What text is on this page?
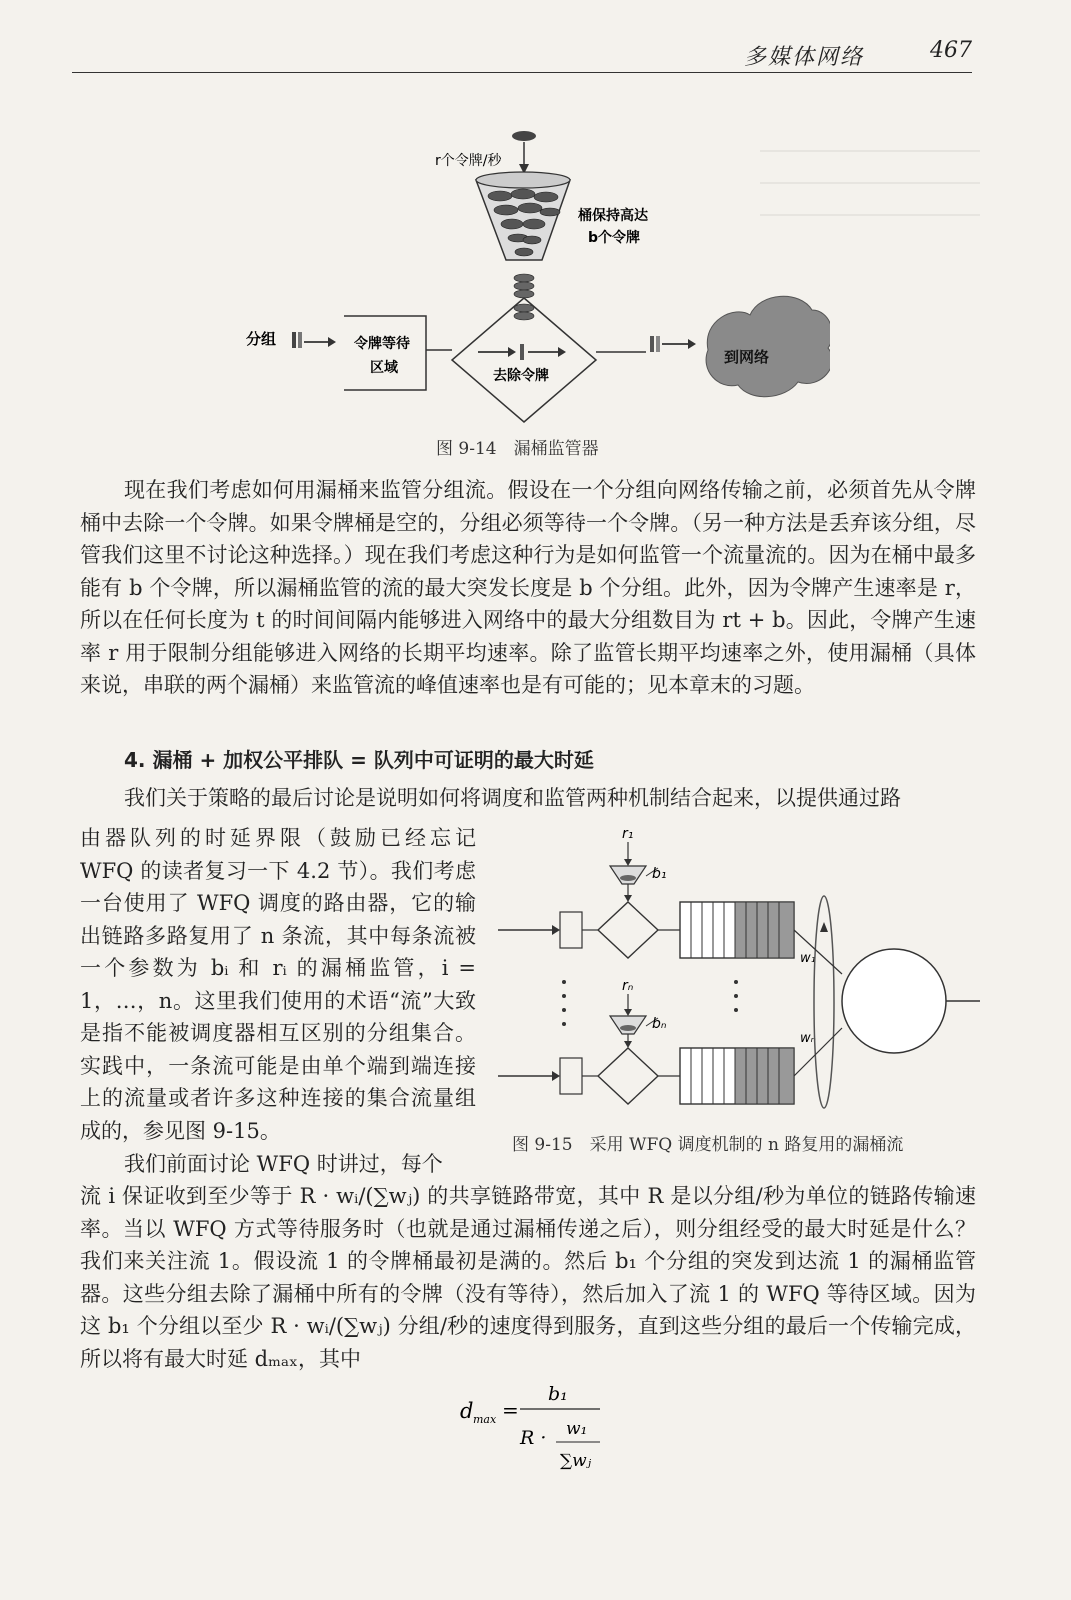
多媒体网络	467
r个令牌/秒
桶保持高达
b个令牌
去除令牌
令牌等待
区域
分组
到网络
图 9-14　漏桶监管器

现在我们考虑如何用漏桶来监管分组流。假设在一个分组向网络传输之前，必须首先从令牌桶中去除一个令牌。如果令牌桶是空的，分组必须等待一个令牌。（另一种方法是丢弃该分组，尽管我们这里不讨论这种选择。）现在我们考虑这种行为是如何监管一个流量流的。因为在桶中最多能有 b 个令牌，所以漏桶监管的流的最大突发长度是 b 个分组。此外，因为令牌产生速率是 r，所以在任何长度为 t 的时间间隔内能够进入网络中的最大分组数目为 rt + b。因此，令牌产生速率 r 用于限制分组能够进入网络的长期平均速率。除了监管长期平均速率之外，使用漏桶（具体来说，串联的两个漏桶）来监管流的峰值速率也是有可能的；见本章末的习题。

4. 漏桶 + 加权公平排队 = 队列中可证明的最大时延

我们关于策略的最后讨论是说明如何将调度和监管两种机制结合起来，以提供通过路

由器队列的时延界限（鼓励已经忘记 WFQ 的读者复习一下 4.2 节）。我们考虑一台使用了 WFQ 调度的路由器，它的输出链路多路复用了 n 条流，其中每条流被一个参数为 bᵢ 和 rᵢ 的漏桶监管，i = 1，…，n。这里我们使用的术语“流”大致是指不能被调度器相互区别的分组集合。实践中，一条流可能是由单个端到端连接上的流量或者许多这种连接的集合流量组成的，参见图 9-15。

我们前面讨论 WFQ 时讲过，每个

r₁
b₁
w₁
rₙ
bₙ
wₙ
图 9-15　采用 WFQ 调度机制的 n 路复用的漏桶流

流 i 保证收到至少等于 R · wᵢ/(∑wⱼ) 的共享链路带宽，其中 R 是以分组/秒为单位的链路传输速率。当以 WFQ 方式等待服务时（也就是通过漏桶传递之后），则分组经受的最大时延是什么？我们来关注流 1。假设流 1 的令牌桶最初是满的。然后 b₁ 个分组的突发到达流 1 的漏桶监管器。这些分组去除了漏桶中所有的令牌（没有等待），然后加入了流 1 的 WFQ 等待区域。因为这 b₁ 个分组以至少 R · wᵢ/(∑wⱼ) 分组/秒的速度得到服务，直到这些分组的最后一个传输完成，所以将有最大时延 dₘₐₓ，其中

d max =
b₁
R · w₁
∑wⱼ
